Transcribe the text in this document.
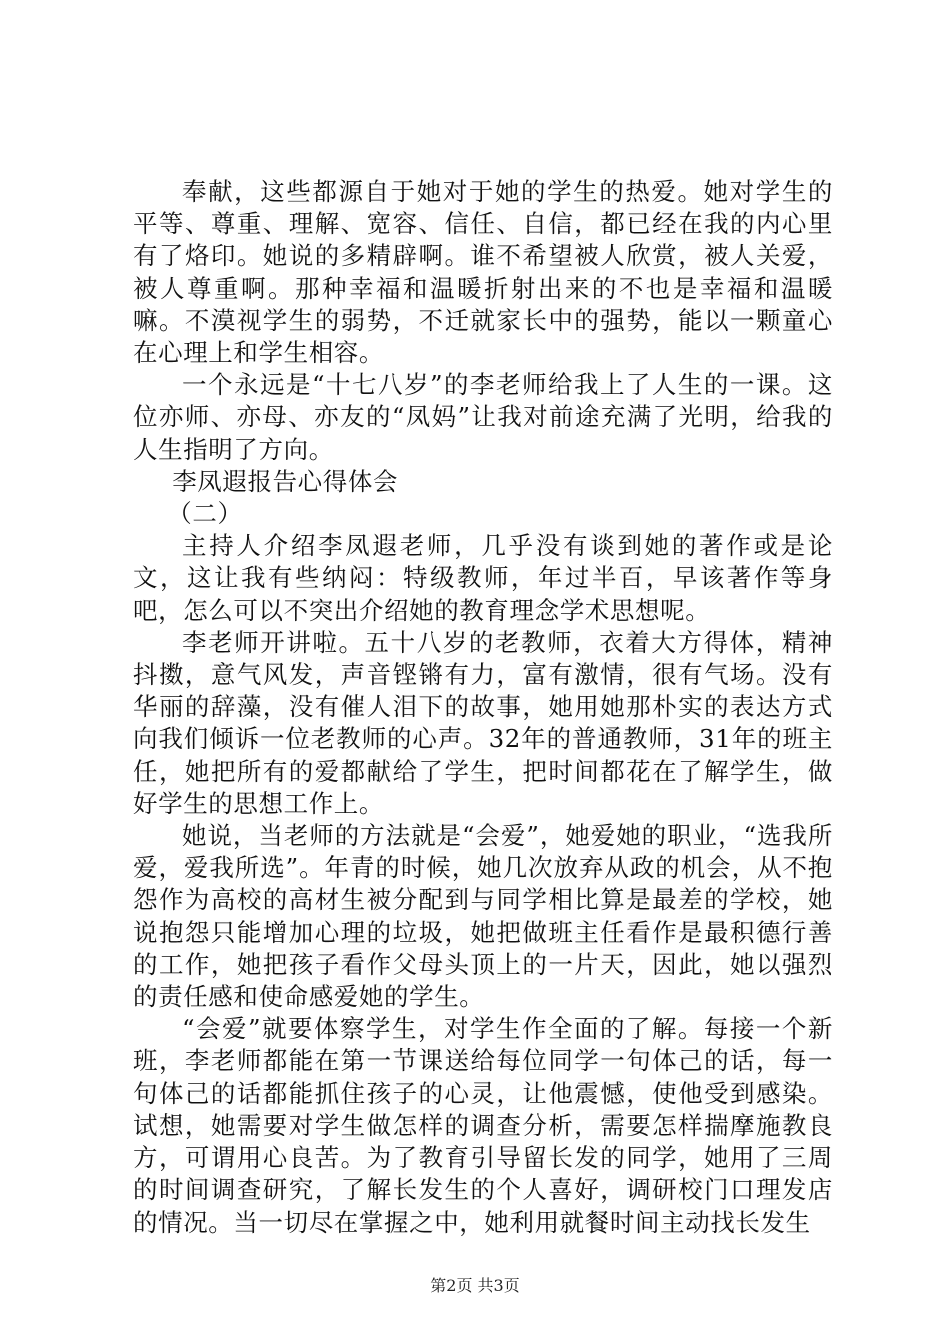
奉献，这些都源自于她对于她的学生的热爱。她对学生的平等、尊重、理解、宽容、信任、自信，都已经在我的内心里有了烙印。她说的多精辟啊。谁不希望被人欣赏，被人关爱，被人尊重啊。那种幸福和温暖折射出来的不也是幸福和温暖嘛。不漠视学生的弱势，不迁就家长中的强势，能以一颗童心在心理上和学生相容。

一个永远是“十七八岁”的李老师给我上了人生的一课。这位亦师、亦母、亦友的“凤妈”让我对前途充满了光明，给我的人生指明了方向。

李凤遐报告心得体会

（二）

主持人介绍李凤遐老师，几乎没有谈到她的著作或是论文，这让我有些纳闷：特级教师，年过半百，早该著作等身吧，怎么可以不突出介绍她的教育理念学术思想呢。

李老师开讲啦。五十八岁的老教师，衣着大方得体，精神抖擞，意气风发，声音铿锵有力，富有激情，很有气场。没有华丽的辞藻，没有催人泪下的故事，她用她那朴实的表达方式向我们倾诉一位老教师的心声。32年的普通教师，31年的班主任，她把所有的爱都献给了学生，把时间都花在了解学生，做好学生的思想工作上。

她说，当老师的方法就是“会爱”，她爱她的职业，“选我所爱，爱我所选”。年青的时候，她几次放弃从政的机会，从不抱怨作为高校的高材生被分配到与同学相比算是最差的学校，她说抱怨只能增加心理的垃圾，她把做班主任看作是最积德行善的工作，她把孩子看作父母头顶上的一片天，因此，她以强烈的责任感和使命感爱她的学生。

“会爱”就要体察学生，对学生作全面的了解。每接一个新班，李老师都能在第一节课送给每位同学一句体己的话，每一句体己的话都能抓住孩子的心灵，让他震憾，使他受到感染。试想，她需要对学生做怎样的调查分析，需要怎样揣摩施教良方，可谓用心良苦。为了教育引导留长发的同学，她用了三周的时间调查研究，了解长发生的个人喜好，调研校门口理发店的情况。当一切尽在掌握之中，她利用就餐时间主动找长发生

第2页 共3页
